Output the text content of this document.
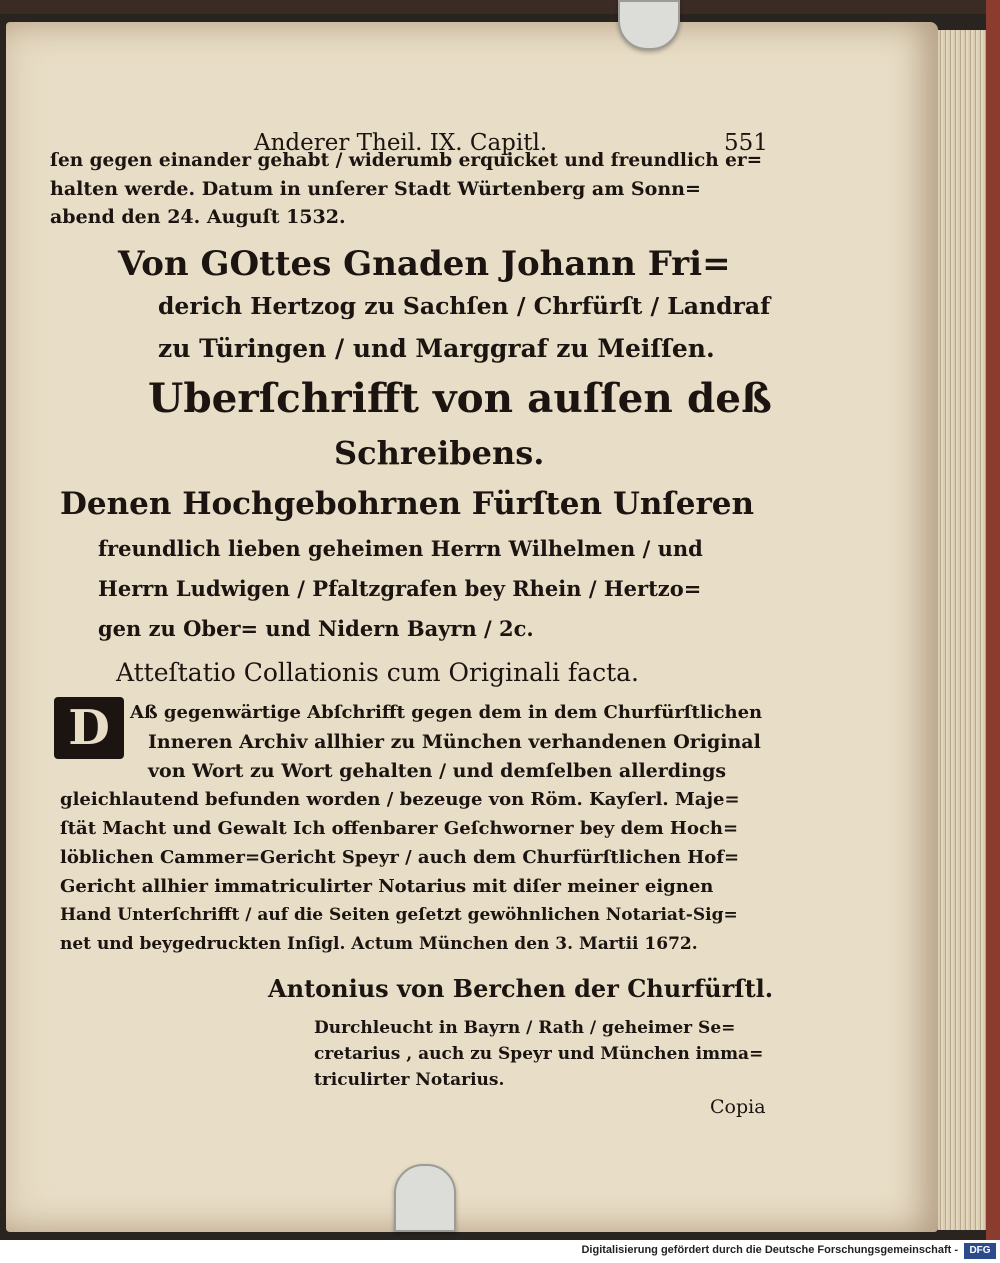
Anderer Theil. IX. Capitl.	551
ſen gegen einander gehabt / widerumb erquicket und freundlich er=
halten werde. Datum in unſerer Stadt Würtenberg am Sonn=
abend den 24. Auguſt 1532.
Von GOttes Gnaden Johann Fri=
derich Hertzog zu Sachſen / Chrfürſt / Landraf
zu Türingen / und Marggraf zu Meiſſen.
Uberſchrifft von auſſen deß
Schreibens.
Denen Hochgebohrnen Fürſten Unſeren
freundlich lieben geheimen Herrn Wilhelmen / und
Herrn Ludwigen / Pfaltzgrafen bey Rhein / Hertzo=
gen zu Ober= und Nidern Bayrn / 2c.
Atteſtatio Collationis cum Originali facta.
D	Aß gegenwärtige Abſchrifft gegen dem in dem Churfürſtlichen
Inneren Archiv allhier zu München verhandenen Original
von Wort zu Wort gehalten / und demſelben allerdings
gleichlautend befunden worden / bezeuge von Röm. Kayſerl. Maje=
ſtät Macht und Gewalt Ich offenbarer Geſchworner bey dem Hoch=
löblichen Cammer=Gericht Speyr / auch dem Churfürſtlichen Hof=
Gericht allhier immatriculirter Notarius mit diſer meiner eignen
Hand Unterſchrifft / auf die Seiten geſetzt gewöhnlichen Notariat-Sig=
net und beygedruckten Inſigl. Actum München den 3. Martii 1672.
Antonius von Berchen der Churfürſtl.
Durchleucht in Bayrn / Rath / geheimer Se=
cretarius , auch zu Speyr und München imma=
triculirter Notarius.
Copia
Digitalisierung gefördert durch die Deutsche Forschungsgemeinschaft -	DFG
